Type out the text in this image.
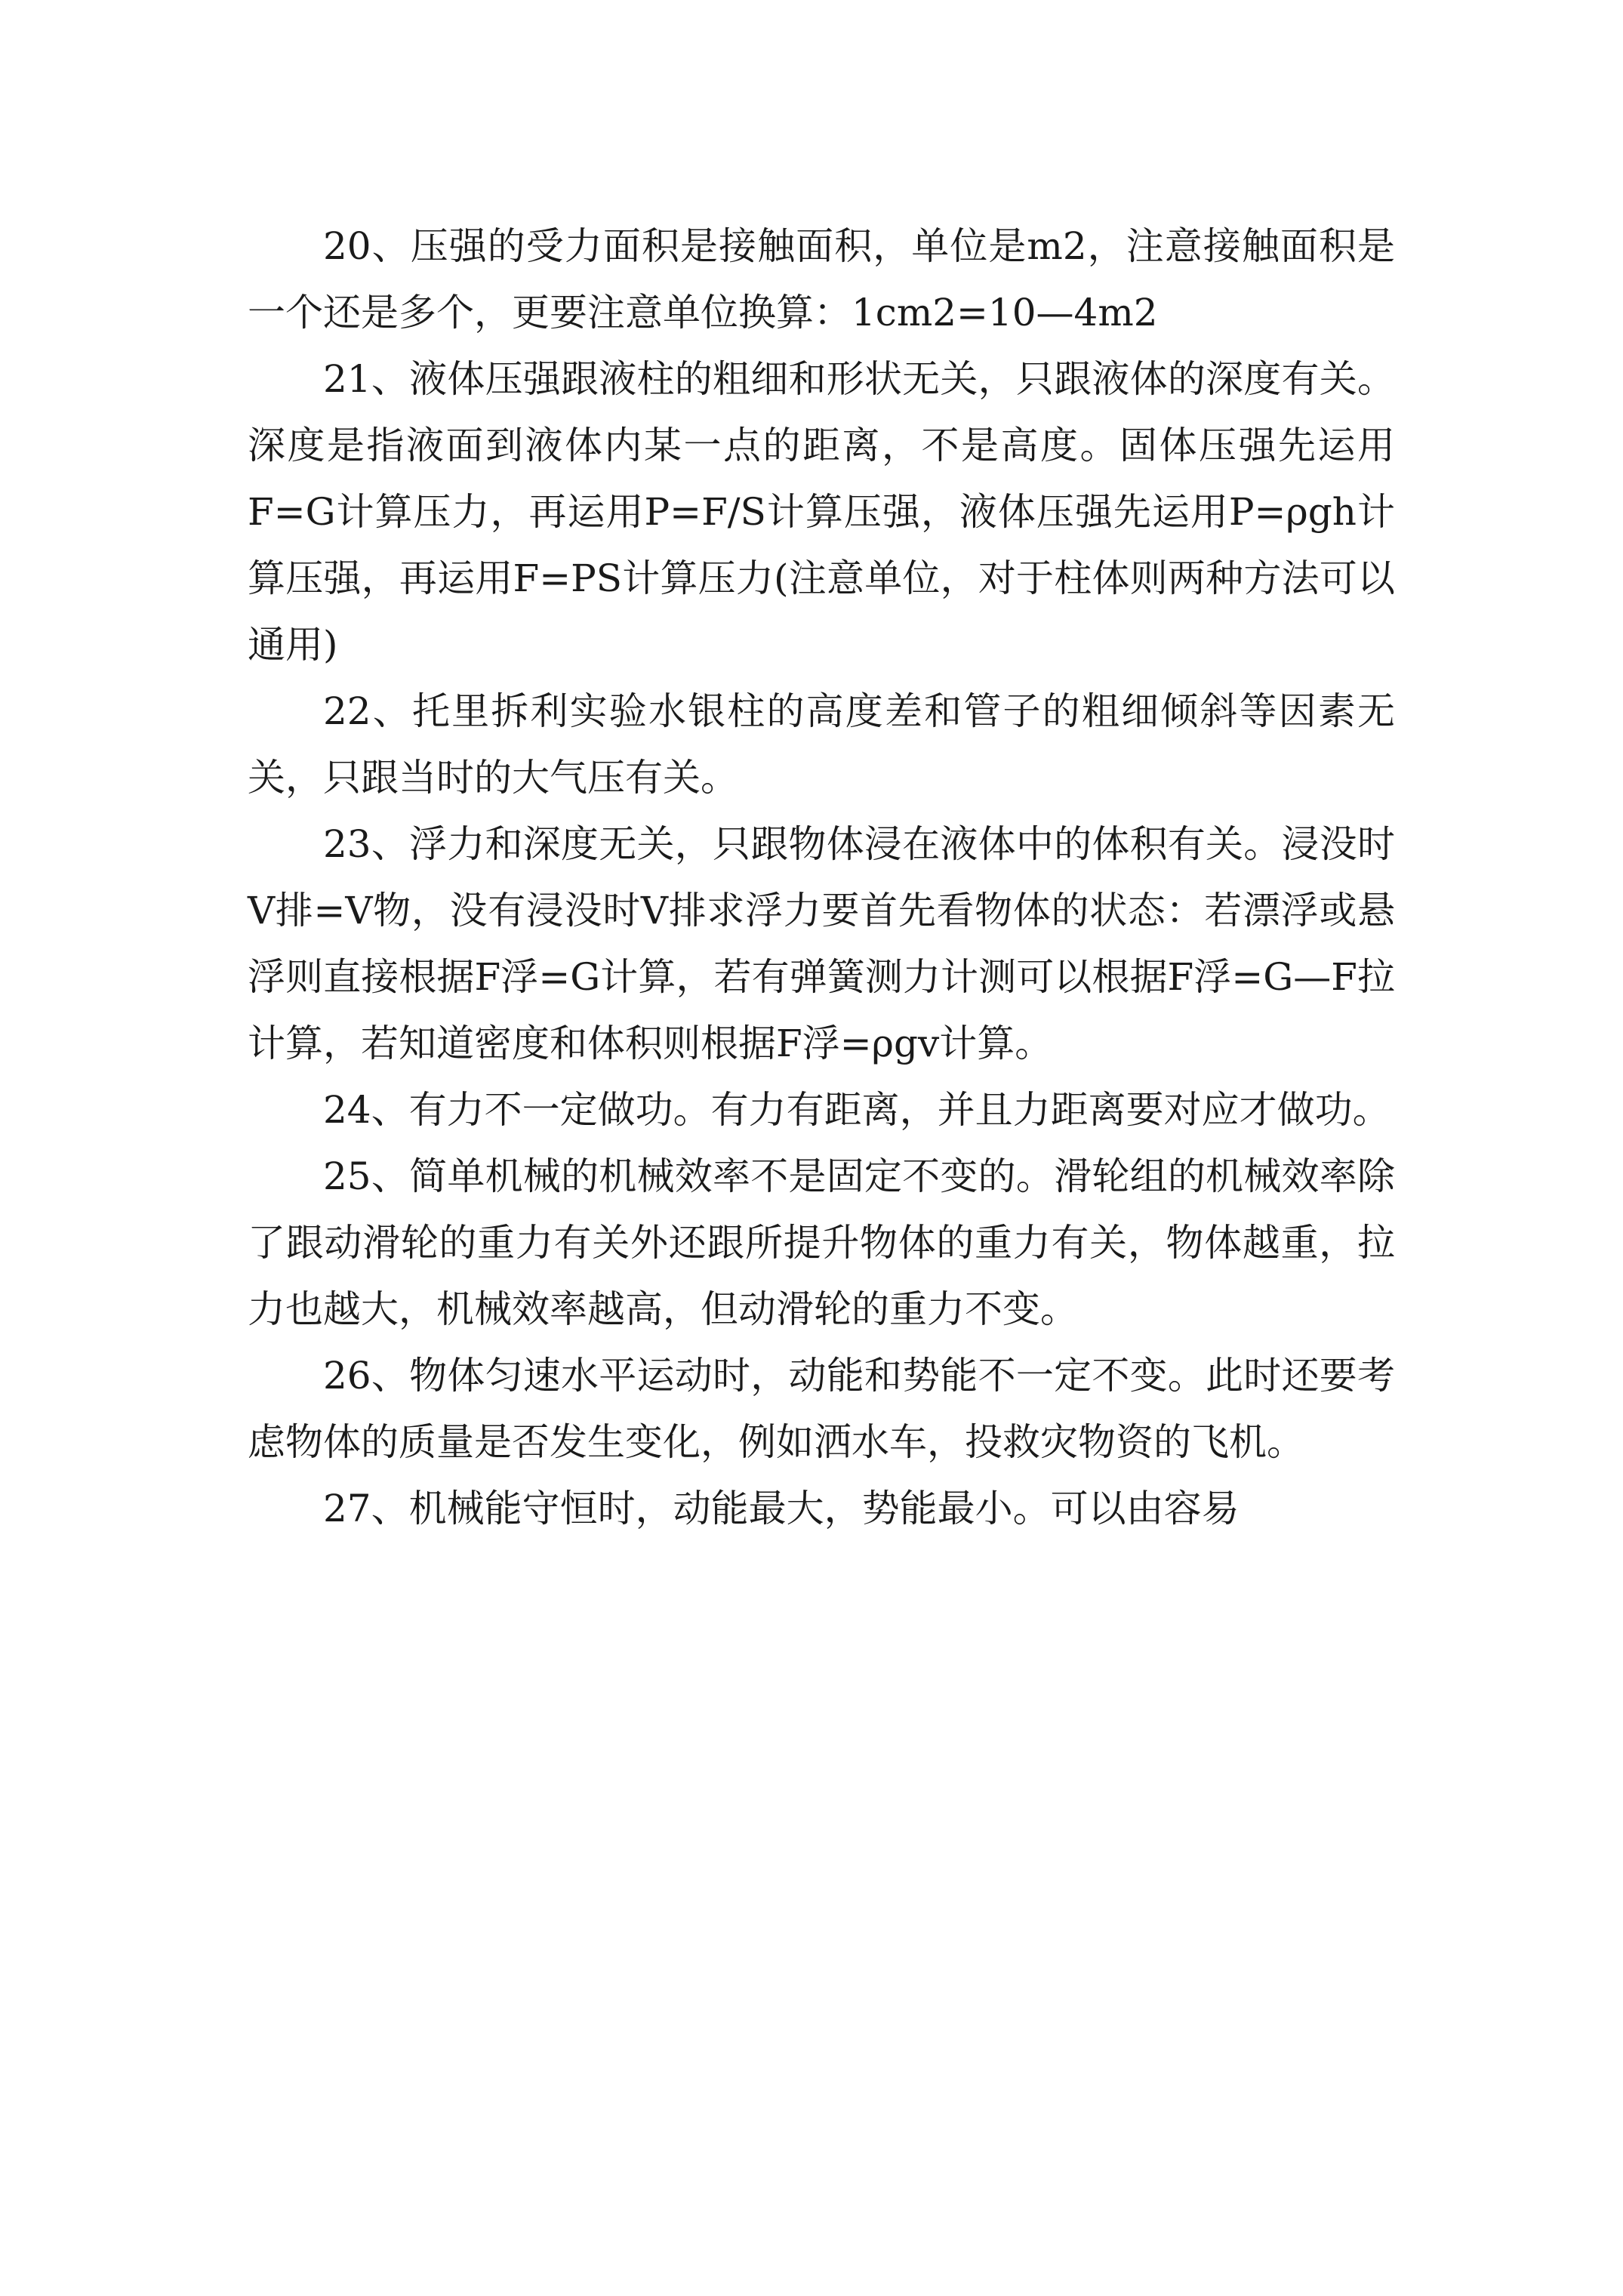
20、压强的受力面积是接触面积，单位是m2，注意接触面积是一个还是多个，更要注意单位换算：1cm2=10—4m2

21、液体压强跟液柱的粗细和形状无关，只跟液体的深度有关。深度是指液面到液体内某一点的距离，不是高度。固体压强先运用F=G计算压力，再运用P=F/S计算压强，液体压强先运用P=ρgh计算压强，再运用F=PS计算压力(注意单位，对于柱体则两种方法可以通用)

22、托里拆利实验水银柱的高度差和管子的粗细倾斜等因素无关，只跟当时的大气压有关。

23、浮力和深度无关，只跟物体浸在液体中的体积有关。浸没时V排=V物，没有浸没时V排求浮力要首先看物体的状态：若漂浮或悬浮则直接根据F浮=G计算，若有弹簧测力计测可以根据F浮=G—F拉计算，若知道密度和体积则根据F浮=ρgv计算。

24、有力不一定做功。有力有距离，并且力距离要对应才做功。

25、简单机械的机械效率不是固定不变的。滑轮组的机械效率除了跟动滑轮的重力有关外还跟所提升物体的重力有关，物体越重，拉力也越大，机械效率越高，但动滑轮的重力不变。

26、物体匀速水平运动时，动能和势能不一定不变。此时还要考虑物体的质量是否发生变化，例如洒水车，投救灾物资的飞机。

27、机械能守恒时，动能最大，势能最小。可以由容易
